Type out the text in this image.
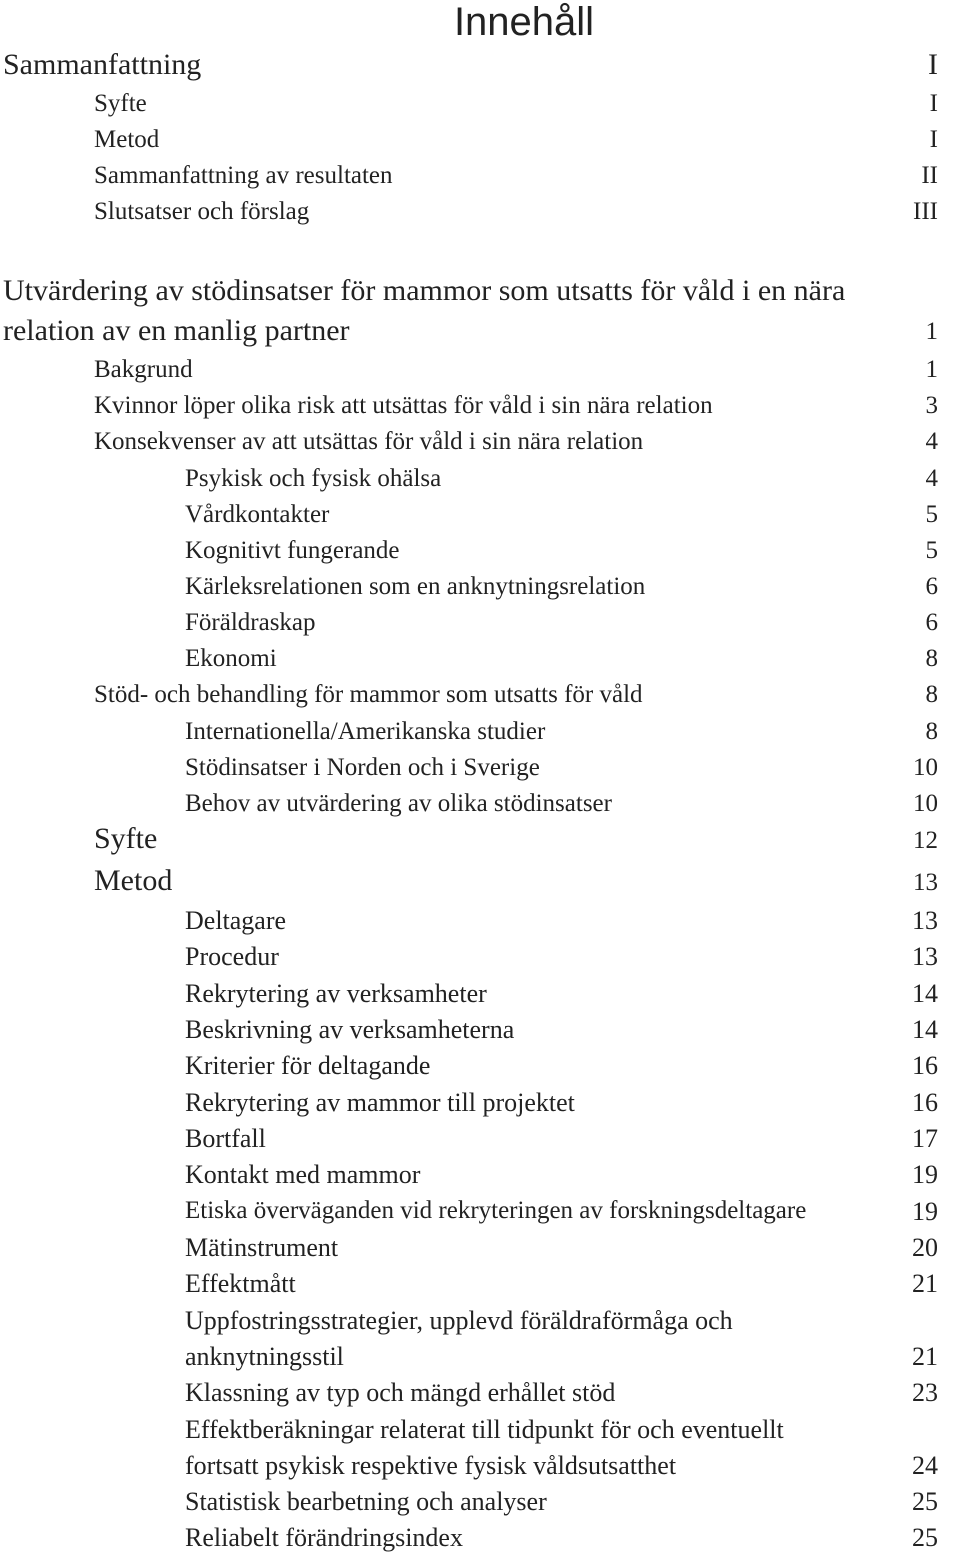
Innehåll
Sammanfattning	I
Syfte	I
Metod	I
Sammanfattning av resultaten	II
Slutsatser och förslag	III
Utvärdering av stödinsatser för mammor som utsatts för våld i en nära
relation av en manlig partner	1
Bakgrund	1
Kvinnor löper olika risk att utsättas för våld i sin nära relation	3
Konsekvenser av att utsättas för våld i sin nära relation	4
Psykisk och fysisk ohälsa	4
Vårdkontakter	5
Kognitivt fungerande	5
Kärleksrelationen som en anknytningsrelation	6
Föräldraskap	6
Ekonomi	8
Stöd- och behandling för mammor som utsatts för våld	8
Internationella/Amerikanska studier	8
Stödinsatser i Norden och i Sverige	10
Behov av utvärdering av olika stödinsatser	10
Syfte	12
Metod	13
Deltagare	13
Procedur	13
Rekrytering av verksamheter	14
Beskrivning av verksamheterna	14
Kriterier för deltagande	16
Rekrytering av mammor till projektet	16
Bortfall	17
Kontakt med mammor	19
Etiska överväganden vid rekryteringen av forskningsdeltagare	19
Mätinstrument	20
Effektmått	21
Uppfostringsstrategier, upplevd föräldraförmåga och
anknytningsstil	21
Klassning av typ och mängd erhållet stöd	23
Effektberäkningar relaterat till tidpunkt för och eventuellt
fortsatt psykisk respektive fysisk våldsutsatthet	24
Statistisk bearbetning och analyser	25
Reliabelt förändringsindex	25
